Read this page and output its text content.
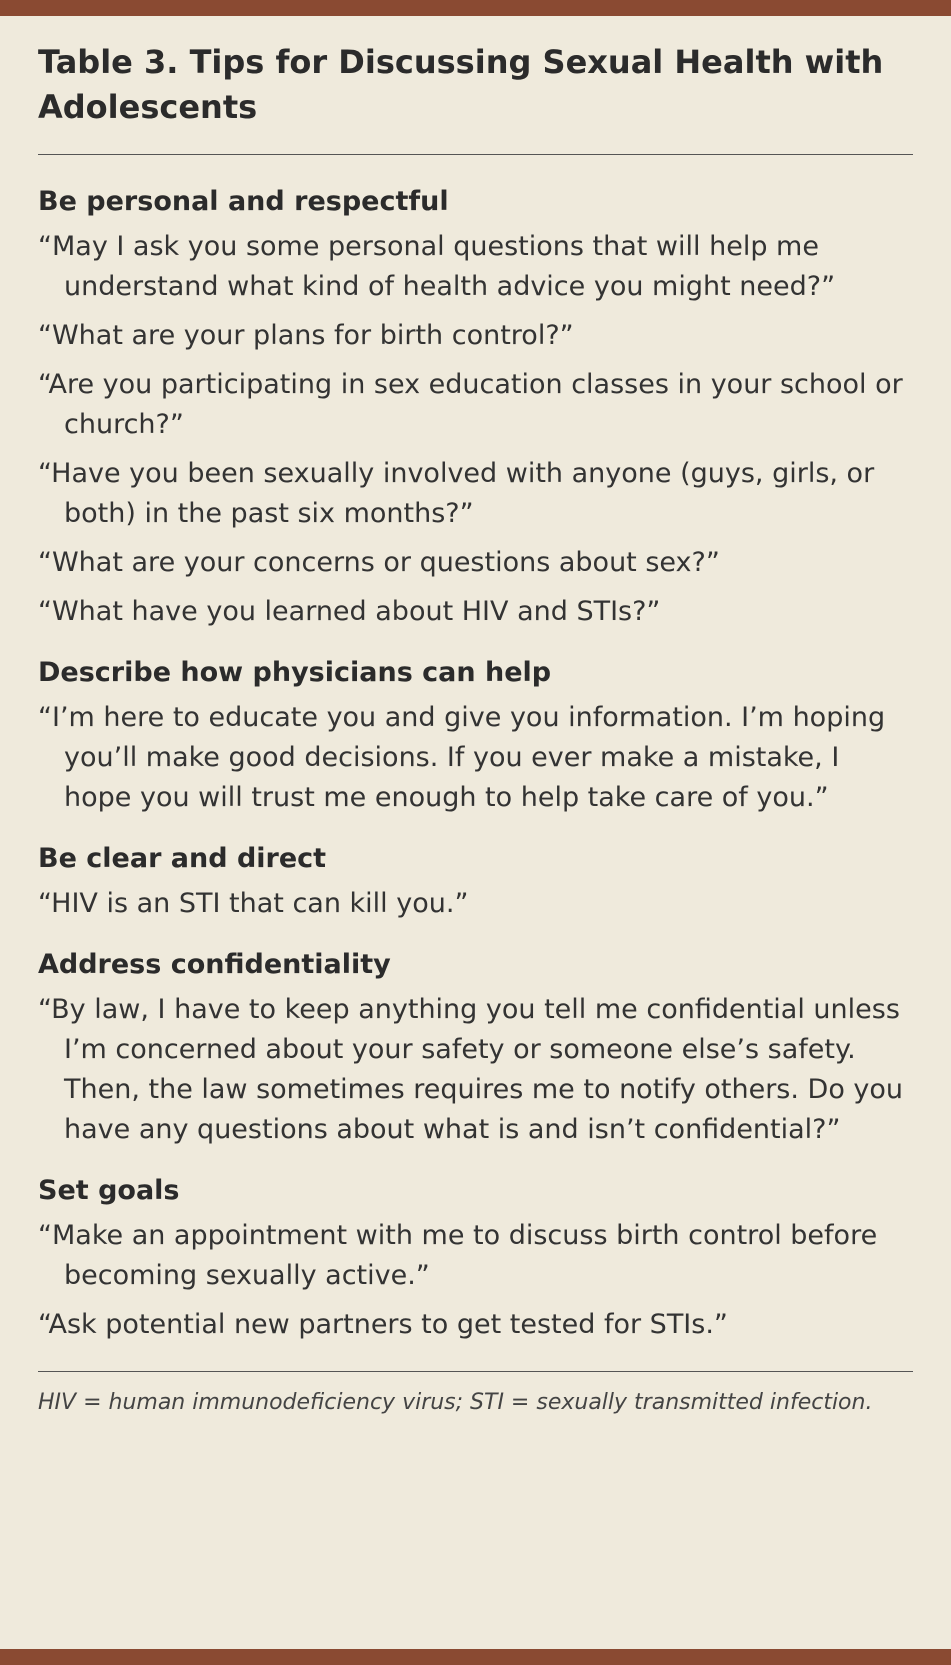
Table 3. Tips for Discussing Sexual Health with Adolescents

Be personal and respectful

“May I ask you some personal questions that will help me understand what kind of health advice you might need?”

“What are your plans for birth control?”

“Are you participating in sex education classes in your school or church?”

“Have you been sexually involved with anyone (guys, girls, or both) in the past six months?”

“What are your concerns or questions about sex?”

“What have you learned about HIV and STIs?”

Describe how physicians can help

“I’m here to educate you and give you information. I’m hoping you’ll make good decisions. If you ever make a mistake, I hope you will trust me enough to help take care of you.”

Be clear and direct

“HIV is an STI that can kill you.”

Address confidentiality

“By law, I have to keep anything you tell me confidential unless I’m concerned about your safety or someone else’s safety. Then, the law sometimes requires me to notify others. Do you have any questions about what is and isn’t confidential?”

Set goals

“Make an appointment with me to discuss birth control before becoming sexually active.”

“Ask potential new partners to get tested for STIs.”

HIV = human immunodeficiency virus; STI = sexually transmitted infection.
